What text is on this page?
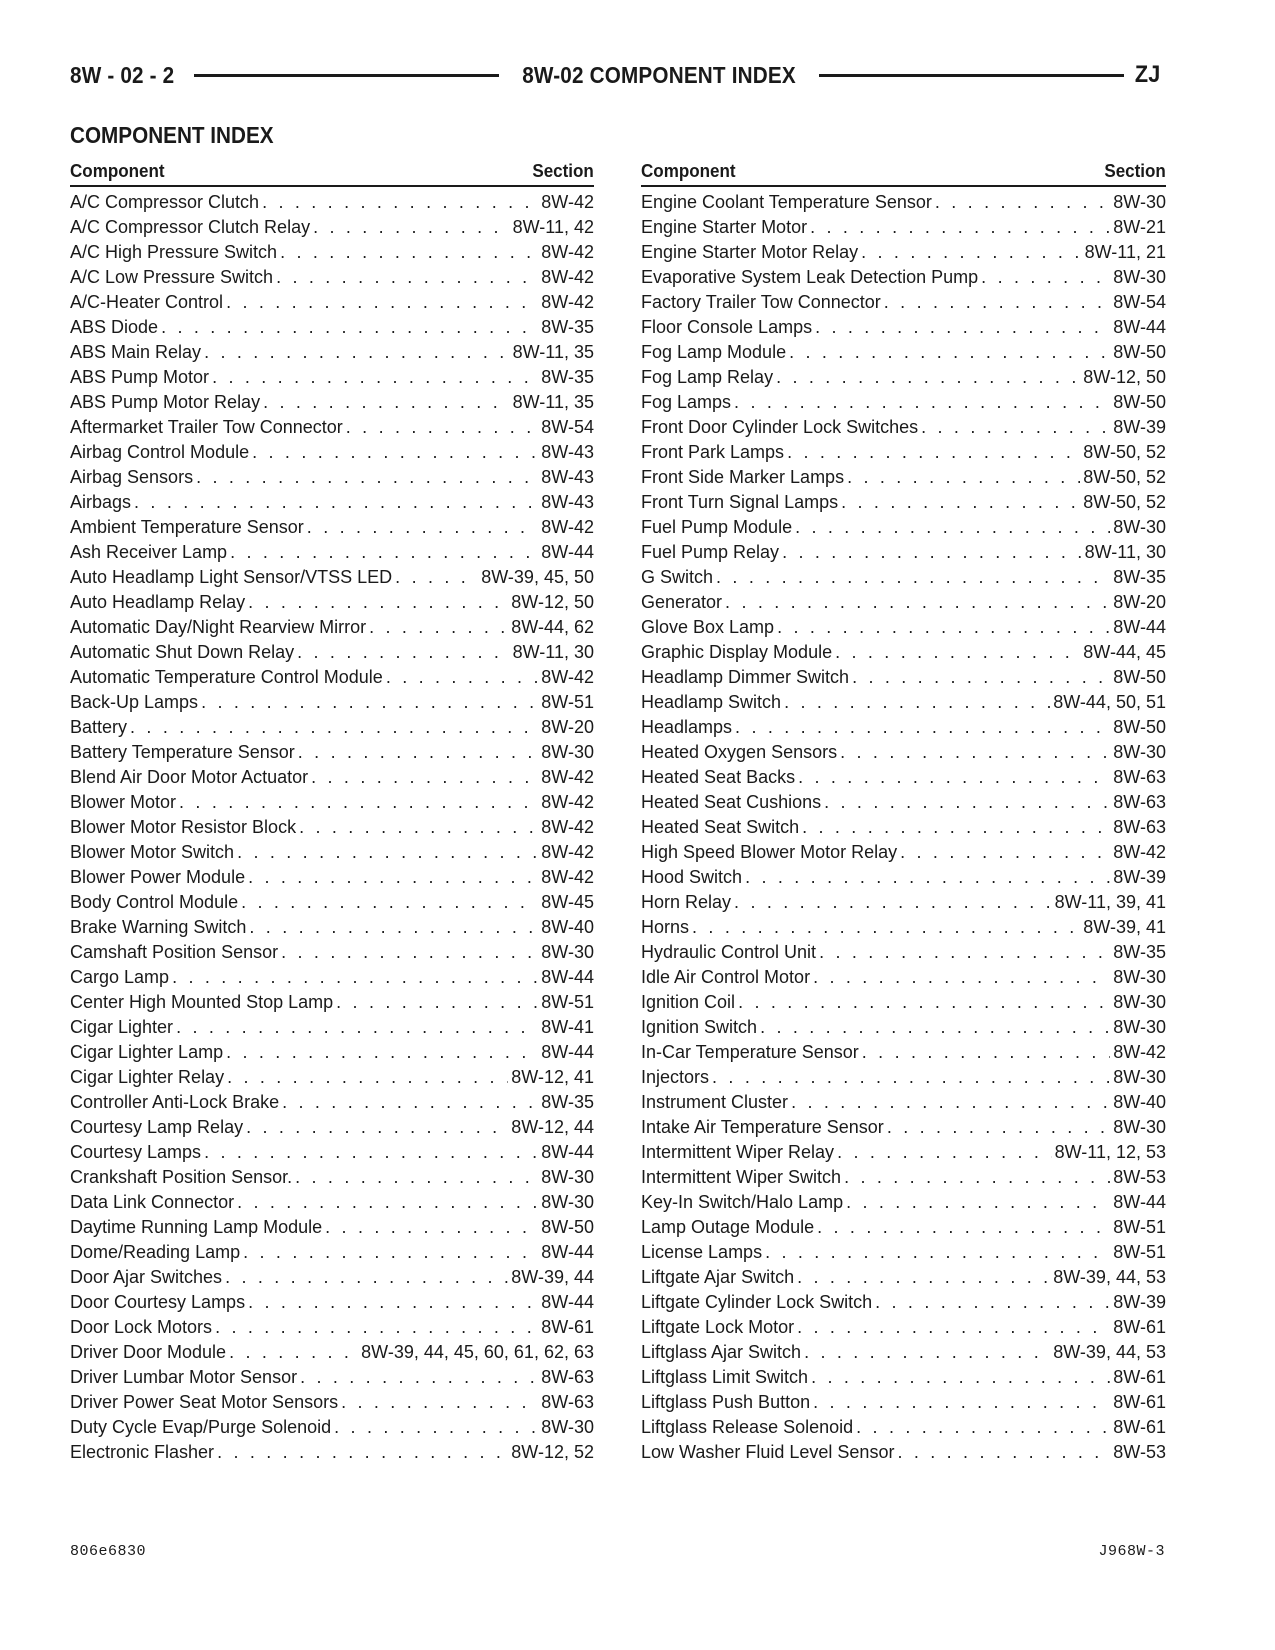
8W - 02 - 2	8W-02 COMPONENT INDEX	ZJ
COMPONENT INDEX
Component	Section
A/C Compressor Clutch . . .	8W-42
A/C Compressor Clutch Relay . . .	8W-11, 42
A/C High Pressure Switch . . .	8W-42
A/C Low Pressure Switch . . .	8W-42
A/C-Heater Control . . .	8W-42
ABS Diode . . .	8W-35
ABS Main Relay . . .	8W-11, 35
ABS Pump Motor . . .	8W-35
ABS Pump Motor Relay . . .	8W-11, 35
Aftermarket Trailer Tow Connector . . .	8W-54
Airbag Control Module . . .	8W-43
Airbag Sensors . . .	8W-43
Airbags . . .	8W-43
Ambient Temperature Sensor . . .	8W-42
Ash Receiver Lamp . . .	8W-44
Auto Headlamp Light Sensor/VTSS LED . . .	8W-39, 45, 50
Auto Headlamp Relay . . .	8W-12, 50
Automatic Day/Night Rearview Mirror . . .	8W-44, 62
Automatic Shut Down Relay . . .	8W-11, 30
Automatic Temperature Control Module . . .	8W-42
Back-Up Lamps . . .	8W-51
Battery . . .	8W-20
Battery Temperature Sensor . . .	8W-30
Blend Air Door Motor Actuator . . .	8W-42
Blower Motor . . .	8W-42
Blower Motor Resistor Block . . .	8W-42
Blower Motor Switch . . .	8W-42
Blower Power Module . . .	8W-42
Body Control Module . . .	8W-45
Brake Warning Switch . . .	8W-40
Camshaft Position Sensor . . .	8W-30
Cargo Lamp . . .	8W-44
Center High Mounted Stop Lamp . . .	8W-51
Cigar Lighter . . .	8W-41
Cigar Lighter Lamp . . .	8W-44
Cigar Lighter Relay . . .	8W-12, 41
Controller Anti-Lock Brake . . .	8W-35
Courtesy Lamp Relay . . .	8W-12, 44
Courtesy Lamps . . .	8W-44
Crankshaft Position Sensor. . . .	8W-30
Data Link Connector . . .	8W-30
Daytime Running Lamp Module . . .	8W-50
Dome/Reading Lamp . . .	8W-44
Door Ajar Switches . . .	8W-39, 44
Door Courtesy Lamps . . .	8W-44
Door Lock Motors . . .	8W-61
Driver Door Module . . .	8W-39, 44, 45, 60, 61, 62, 63
Driver Lumbar Motor Sensor . . .	8W-63
Driver Power Seat Motor Sensors . . .	8W-63
Duty Cycle Evap/Purge Solenoid . . .	8W-30
Electronic Flasher . . .	8W-12, 52
Component	Section
Engine Coolant Temperature Sensor . . .	8W-30
Engine Starter Motor . . .	8W-21
Engine Starter Motor Relay . . .	8W-11, 21
Evaporative System Leak Detection Pump . . .	8W-30
Factory Trailer Tow Connector . . .	8W-54
Floor Console Lamps . . .	8W-44
Fog Lamp Module . . .	8W-50
Fog Lamp Relay . . .	8W-12, 50
Fog Lamps . . .	8W-50
Front Door Cylinder Lock Switches . . .	8W-39
Front Park Lamps . . .	8W-50, 52
Front Side Marker Lamps . . .	8W-50, 52
Front Turn Signal Lamps . . .	8W-50, 52
Fuel Pump Module . . .	8W-30
Fuel Pump Relay . . .	8W-11, 30
G Switch . . .	8W-35
Generator . . .	8W-20
Glove Box Lamp . . .	8W-44
Graphic Display Module . . .	8W-44, 45
Headlamp Dimmer Switch . . .	8W-50
Headlamp Switch . . .	8W-44, 50, 51
Headlamps . . .	8W-50
Heated Oxygen Sensors . . .	8W-30
Heated Seat Backs . . .	8W-63
Heated Seat Cushions . . .	8W-63
Heated Seat Switch . . .	8W-63
High Speed Blower Motor Relay . . .	8W-42
Hood Switch . . .	8W-39
Horn Relay . . .	8W-11, 39, 41
Horns . . .	8W-39, 41
Hydraulic Control Unit . . .	8W-35
Idle Air Control Motor . . .	8W-30
Ignition Coil . . .	8W-30
Ignition Switch . . .	8W-30
In-Car Temperature Sensor . . .	8W-42
Injectors . . .	8W-30
Instrument Cluster . . .	8W-40
Intake Air Temperature Sensor . . .	8W-30
Intermittent Wiper Relay . . .	8W-11, 12, 53
Intermittent Wiper Switch . . .	8W-53
Key-In Switch/Halo Lamp . . .	8W-44
Lamp Outage Module . . .	8W-51
License Lamps . . .	8W-51
Liftgate Ajar Switch . . .	8W-39, 44, 53
Liftgate Cylinder Lock Switch . . .	8W-39
Liftgate Lock Motor . . .	8W-61
Liftglass Ajar Switch . . .	8W-39, 44, 53
Liftglass Limit Switch . . .	8W-61
Liftglass Push Button . . .	8W-61
Liftglass Release Solenoid . . .	8W-61
Low Washer Fluid Level Sensor . . .	8W-53
806e6830	J968W-3
